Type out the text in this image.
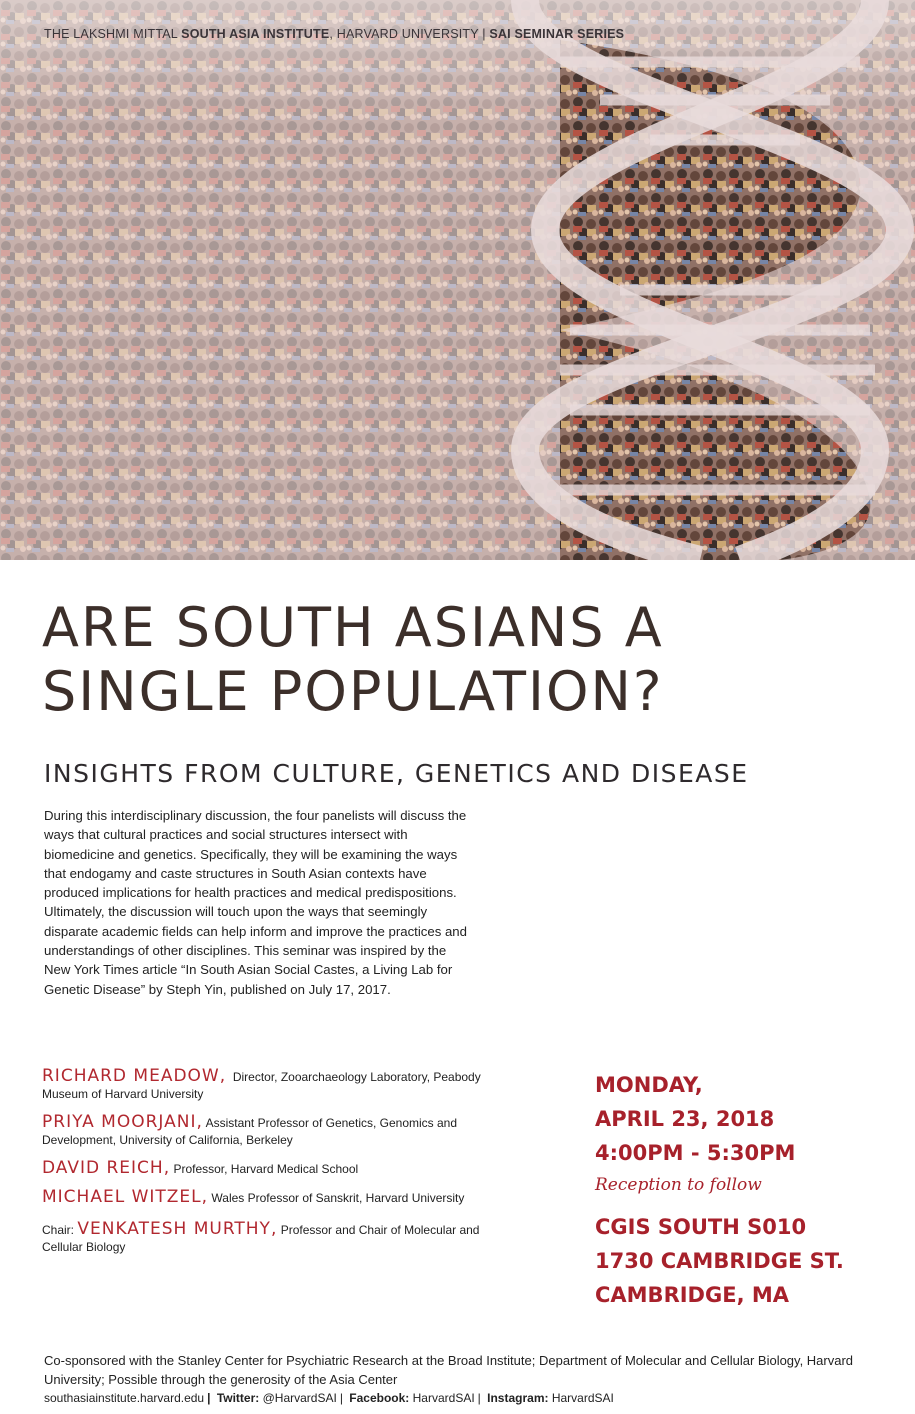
THE LAKSHMI MITTAL SOUTH ASIA INSTITUTE, HARVARD UNIVERSITY | SAI SEMINAR SERIES
ARE SOUTH ASIANS A
SINGLE POPULATION?
INSIGHTS FROM CULTURE, GENETICS AND DISEASE

During this interdisciplinary discussion, the four panelists will discuss the ways that cultural practices and social structures intersect with biomedicine and genetics. Specifically, they will be examining the ways that endogamy and caste structures in South Asian contexts have produced implications for health practices and medical predispositions. Ultimately, the discussion will touch upon the ways that seemingly disparate academic fields can help inform and improve the practices and understandings of other disciplines. This seminar was inspired by the New York Times article “In South Asian Social Castes, a Living Lab for Genetic Disease” by Steph Yin, published on July 17, 2017.

RICHARD MEADOW, Director, Zooarchaeology Laboratory, Peabody Museum of Harvard University
PRIYA MOORJANI, Assistant Professor of Genetics, Genomics and Development, University of California, Berkeley
DAVID REICH, Professor, Harvard Medical School
MICHAEL WITZEL, Wales Professor of Sanskrit, Harvard University
Chair: VENKATESH MURTHY, Professor and Chair of Molecular and Cellular Biology
MONDAY,
APRIL 23, 2018
4:00PM - 5:30PM
Reception to follow
CGIS SOUTH S010
1730 CAMBRIDGE ST.
CAMBRIDGE, MA
Co-sponsored with the Stanley Center for Psychiatric Research at the Broad Institute; Department of Molecular and Cellular Biology, Harvard University; Possible through the generosity of the Asia Center
southasiainstitute.harvard.edu | Twitter: @HarvardSAI | Facebook: HarvardSAI | Instagram: HarvardSAI
